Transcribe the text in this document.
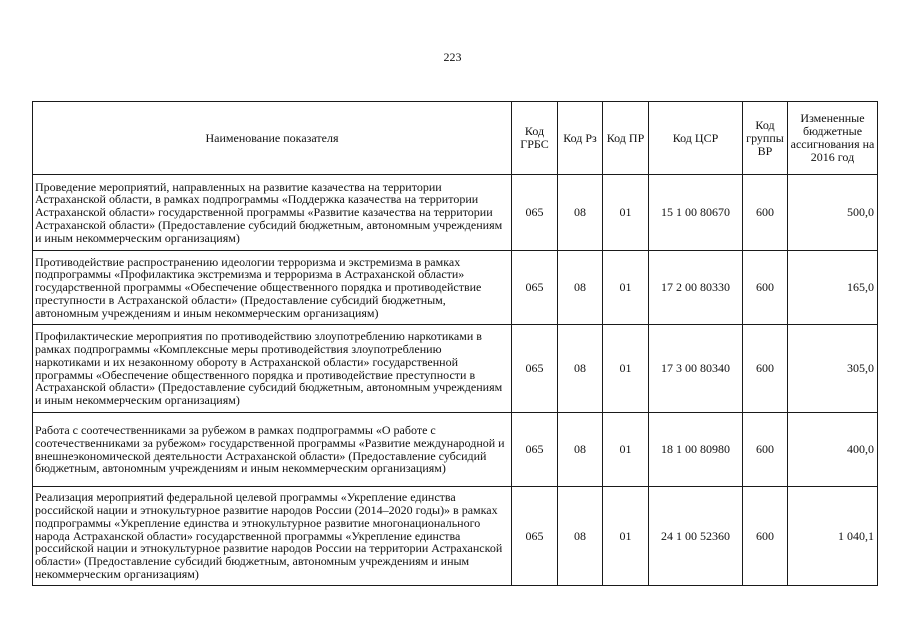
223
Наименование показателя	Код ГРБС	Код Рз	Код ПР	Код ЦСР	Код группы ВР	Измененные бюджетные ассигнования на 2016 год
Проведение мероприятий, направленных на развитие казачества на территории Астраханской области, в рамках подпрограммы «Поддержка казачества на территории Астраханской области» государственной программы «Развитие казачества на территории Астраханской области» (Предоставление субсидий бюджетным, автономным учреждениям и иным некоммерческим организациям)	065	08	01	15 1 00 80670	600	500,0
Противодействие распространению идеологии терроризма и экстремизма в рамках подпрограммы «Профилактика экстремизма и терроризма в Астраханской области» государственной программы «Обеспечение общественного порядка и противодействие преступности в Астраханской области» (Предоставление субсидий бюджетным, автономным учреждениям и иным некоммерческим организациям)	065	08	01	17 2 00 80330	600	165,0
Профилактические мероприятия по противодействию злоупотреблению наркотиками в рамках подпрограммы «Комплексные меры противодействия злоупотреблению наркотиками и их незаконному обороту в Астраханской области» государственной программы «Обеспечение общественного порядка и противодействие преступности в Астраханской области» (Предоставление субсидий бюджетным, автономным учреждениям и иным некоммерческим организациям)	065	08	01	17 3 00 80340	600	305,0
Работа с соотечественниками за рубежом в рамках подпрограммы «О работе с соотечественниками за рубежом» государственной программы «Развитие международной и внешнеэкономической деятельности Астраханской области» (Предоставление субсидий бюджетным, автономным учреждениям и иным некоммерческим организациям)	065	08	01	18 1 00 80980	600	400,0
Реализация мероприятий федеральной целевой программы «Укрепление единства российской нации и этнокультурное развитие народов России (2014–2020 годы)» в рамках подпрограммы «Укрепление единства и этнокультурное развитие многонационального народа Астраханской области» государственной программы «Укрепление единства российской нации и этнокультурное развитие народов России на территории Астраханской области» (Предоставление субсидий бюджетным, автономным учреждениям и иным некоммерческим организациям)	065	08	01	24 1 00 52360	600	1 040,1
